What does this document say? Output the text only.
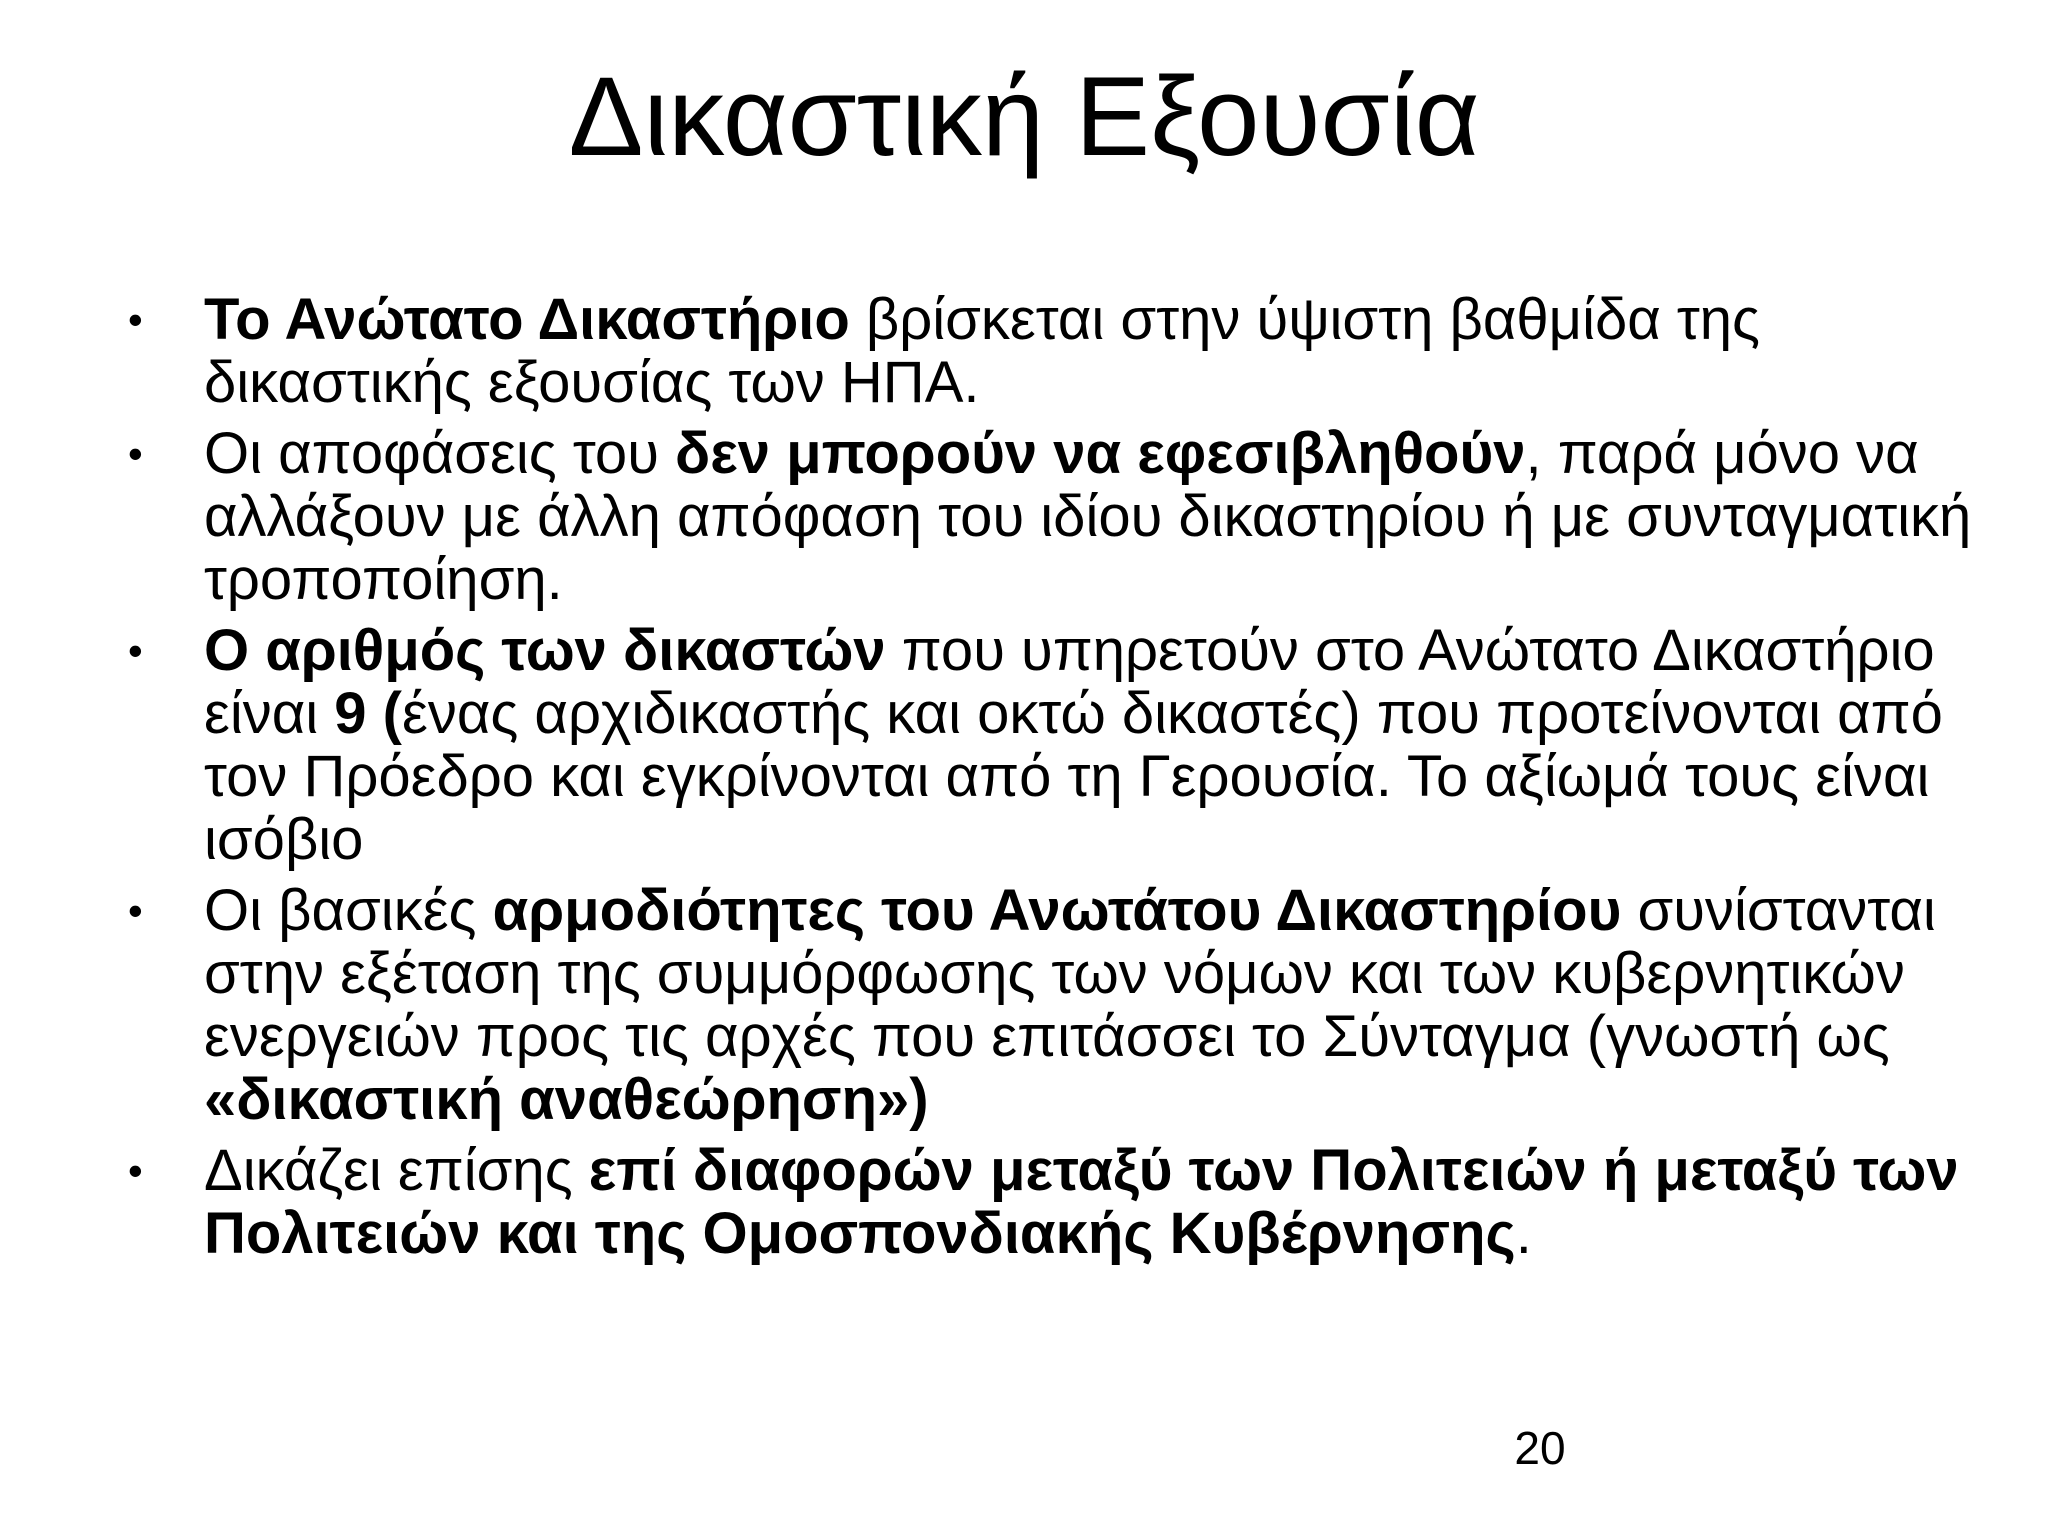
Δικαστική Εξουσία
• Το Ανώτατο Δικαστήριο βρίσκεται στην ύψιστη βαθμίδα της δικαστικής εξουσίας των ΗΠΑ.
• Οι αποφάσεις του δεν μπορούν να εφεσιβληθούν, παρά μόνο να αλλάξουν με άλλη απόφαση του ιδίου δικαστηρίου ή με συνταγματική τροποποίηση.
• Ο αριθμός των δικαστών που υπηρετούν στο Ανώτατο Δικαστήριο είναι 9 (ένας αρχιδικαστής και οκτώ δικαστές) που προτείνονται από τον Πρόεδρο και εγκρίνονται από τη Γερουσία. Το αξίωμά τους είναι ισόβιο
• Οι βασικές αρμοδιότητες του Ανωτάτου Δικαστηρίου συνίστανται στην εξέταση της συμμόρφωσης των νόμων και των κυβερνητικών ενεργειών προς τις αρχές που επιτάσσει το Σύνταγμα (γνωστή ως «δικαστική αναθεώρηση»)
• Δικάζει επίσης επί διαφορών μεταξύ των Πολιτειών ή μεταξύ των Πολιτειών και της Ομοσπονδιακής Κυβέρνησης.
20
